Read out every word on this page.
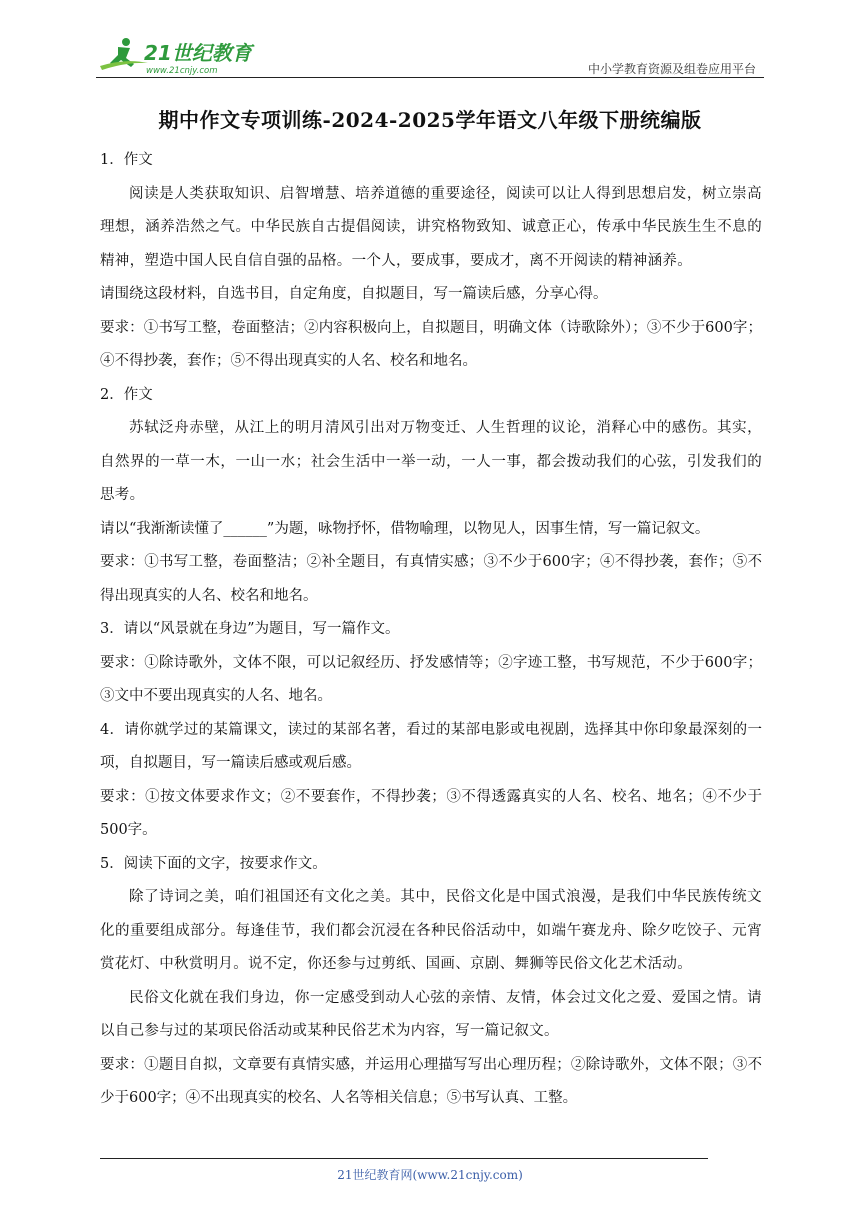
21世纪教育
www.21cnjy.com	中小学教育资源及组卷应用平台
期中作文专项训练-2024-2025学年语文八年级下册统编版

1．作文

阅读是人类获取知识、启智增慧、培养道德的重要途径，阅读可以让人得到思想启发，树立崇高理想，涵养浩然之气。中华民族自古提倡阅读，讲究格物致知、诚意正心，传承中华民族生生不息的精神，塑造中国人民自信自强的品格。一个人，要成事，要成才，离不开阅读的精神涵养。

请围绕这段材料，自选书目，自定角度，自拟题目，写一篇读后感，分享心得。

要求：①书写工整，卷面整洁；②内容积极向上，自拟题目，明确文体（诗歌除外）；③不少于600字；④不得抄袭，套作；⑤不得出现真实的人名、校名和地名。

2．作文

苏轼泛舟赤壁，从江上的明月清风引出对万物变迁、人生哲理的议论，消释心中的感伤。其实，自然界的一草一木，一山一水；社会生活中一举一动，一人一事，都会拨动我们的心弦，引发我们的思考。

请以“我渐渐读懂了______”为题，咏物抒怀，借物喻理，以物见人，因事生情，写一篇记叙文。

要求：①书写工整，卷面整洁；②补全题目，有真情实感；③不少于600字；④不得抄袭，套作；⑤不得出现真实的人名、校名和地名。

3．请以“风景就在身边”为题目，写一篇作文。

要求：①除诗歌外，文体不限，可以记叙经历、抒发感情等；②字迹工整，书写规范，不少于600字；③文中不要出现真实的人名、地名。

4．请你就学过的某篇课文，读过的某部名著，看过的某部电影或电视剧，选择其中你印象最深刻的一项，自拟题目，写一篇读后感或观后感。

要求：①按文体要求作文；②不要套作，不得抄袭；③不得透露真实的人名、校名、地名；④不少于500字。

5．阅读下面的文字，按要求作文。

除了诗词之美，咱们祖国还有文化之美。其中，民俗文化是中国式浪漫，是我们中华民族传统文化的重要组成部分。每逢佳节，我们都会沉浸在各种民俗活动中，如端午赛龙舟、除夕吃饺子、元宵赏花灯、中秋赏明月。说不定，你还参与过剪纸、国画、京剧、舞狮等民俗文化艺术活动。

民俗文化就在我们身边，你一定感受到动人心弦的亲情、友情，体会过文化之爱、爱国之情。请以自己参与过的某项民俗活动或某种民俗艺术为内容，写一篇记叙文。

要求：①题目自拟，文章要有真情实感，并运用心理描写写出心理历程；②除诗歌外，文体不限；③不少于600字；④不出现真实的校名、人名等相关信息；⑤书写认真、工整。

21世纪教育网(www.21cnjy.com)
